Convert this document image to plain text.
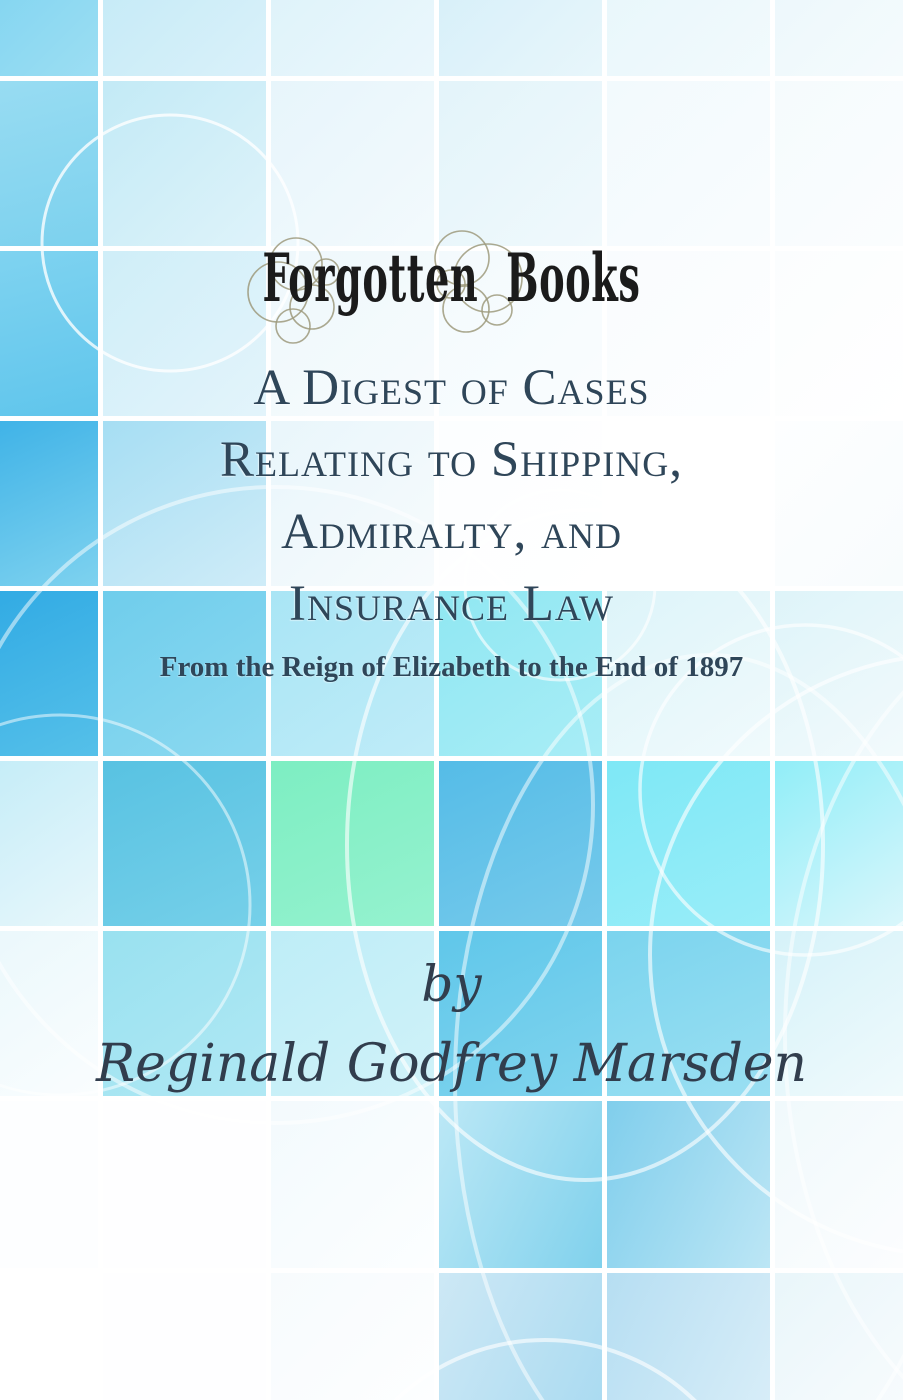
Forgotten Books
A Digest of Cases
Relating to Shipping,
Admiralty, and
Insurance Law
From the Reign of Elizabeth to the End of 1897
by
Reginald Godfrey Marsden
